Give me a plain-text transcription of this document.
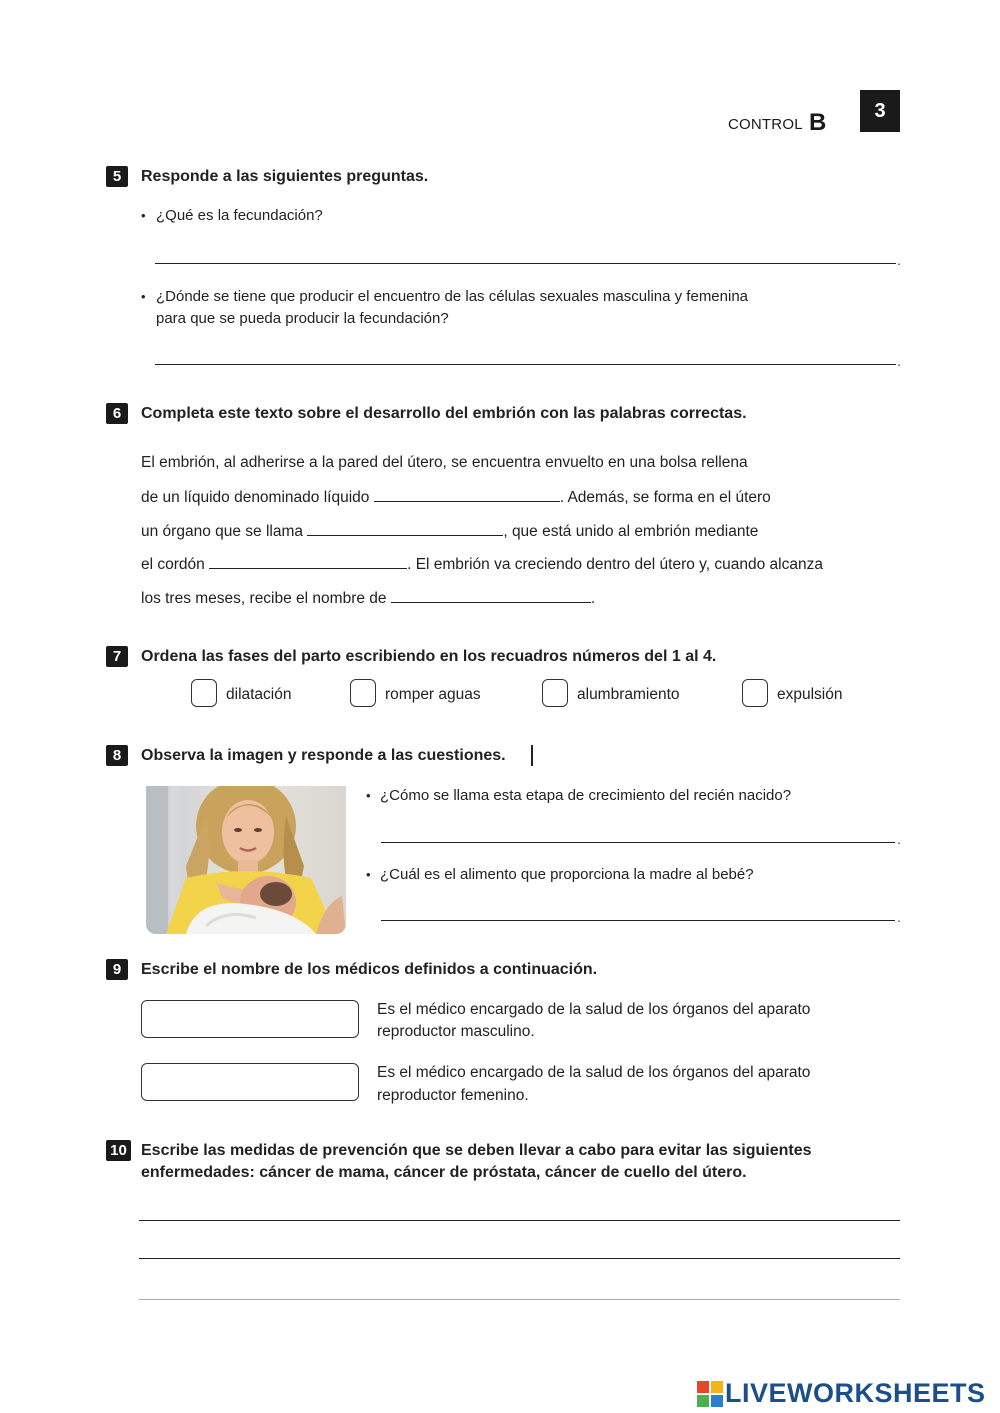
CONTROL B	3
5	Responde a las siguientes preguntas.
• ¿Qué es la fecundación?
.
• ¿Dónde se tiene que producir el encuentro de las células sexuales masculina y femenina
para que se pueda producir la fecundación?
.
6	Completa este texto sobre el desarrollo del embrión con las palabras correctas.
El embrión, al adherirse a la pared del útero, se encuentra envuelto en una bolsa rellena
de un líquido denominado líquido	. Además, se forma en el útero
un órgano que se llama	, que está unido al embrión mediante
el cordón	. El embrión va creciendo dentro del útero y, cuando alcanza
los tres meses, recibe el nombre de	.
7	Ordena las fases del parto escribiendo en los recuadros números del 1 al 4.
dilatación	romper aguas	alumbramiento	expulsión
8	Observa la imagen y responde a las cuestiones.
• ¿Cómo se llama esta etapa de crecimiento del recién nacido?
.
• ¿Cuál es el alimento que proporciona la madre al bebé?
.
9	Escribe el nombre de los médicos definidos a continuación.
Es el médico encargado de la salud de los órganos del aparato
reproductor masculino.
Es el médico encargado de la salud de los órganos del aparato
reproductor femenino.
10 Escribe las medidas de prevención que se deben llevar a cabo para evitar las siguientes
enfermedades: cáncer de mama, cáncer de próstata, cáncer de cuello del útero.
LIVEWORKSHEETS
